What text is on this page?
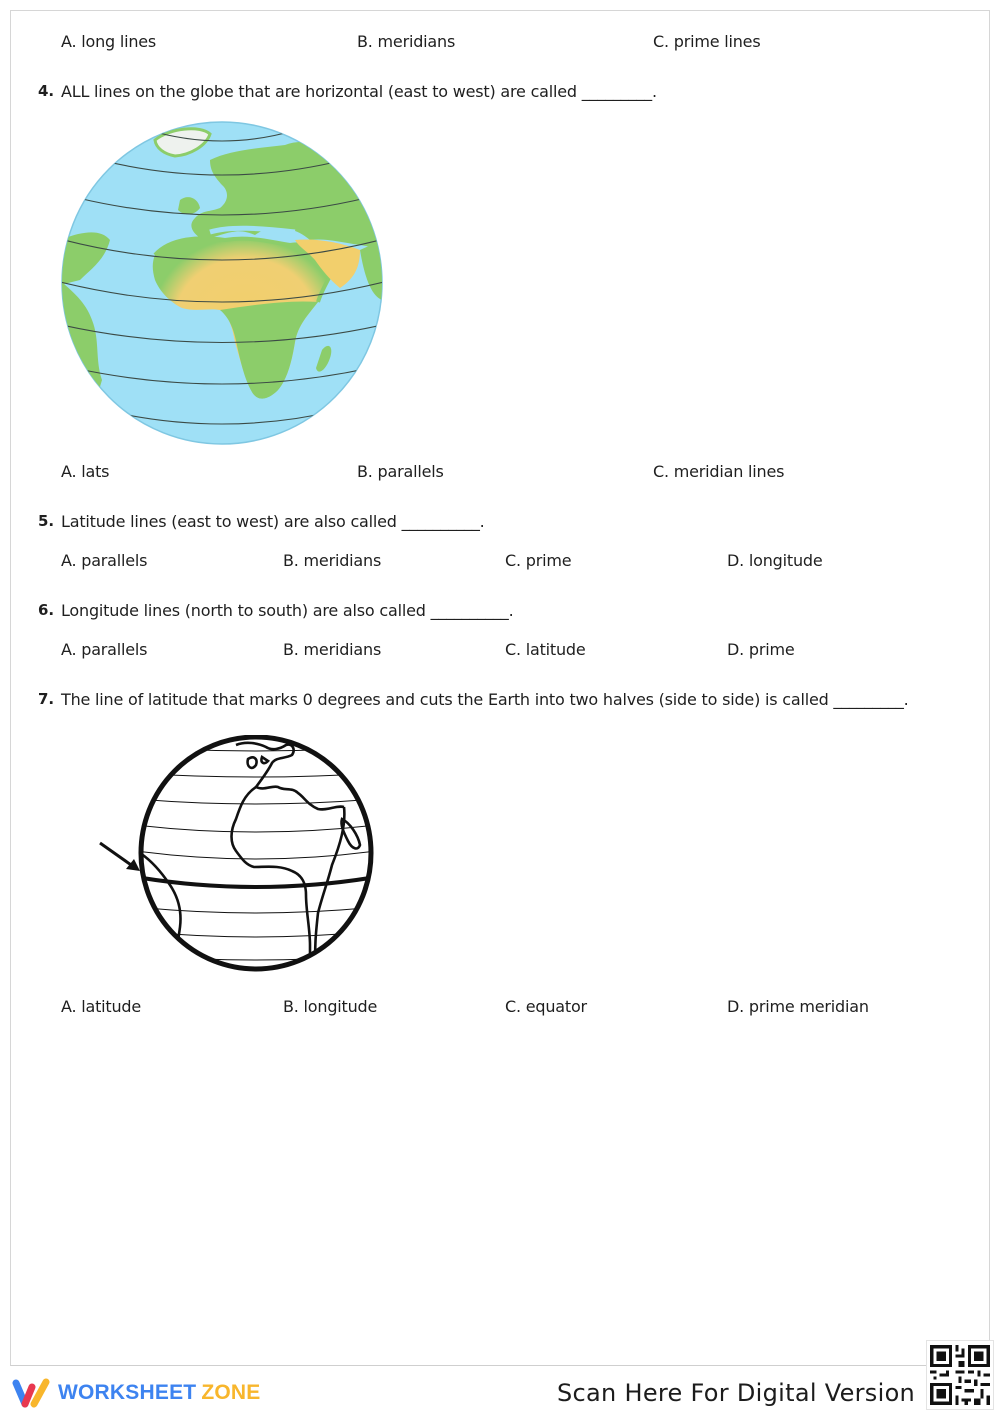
A. long lines	B. meridians	C. prime lines
4. ALL lines on the globe that are horizontal (east to west) are called _________.
A. lats	B. parallels	C. meridian lines
5. Latitude lines (east to west) are also called __________.
A. parallels	B. meridians	C. prime	D. longitude
6. Longitude lines (north to south) are also called __________.
A. parallels	B. meridians	C. latitude	D. prime
7. The line of latitude that marks 0 degrees and cuts the Earth into two halves (side to side) is called _________.
A. latitude	B. longitude	C. equator	D. prime meridian
WORKSHEET ZONE	Scan Here For Digital Version
